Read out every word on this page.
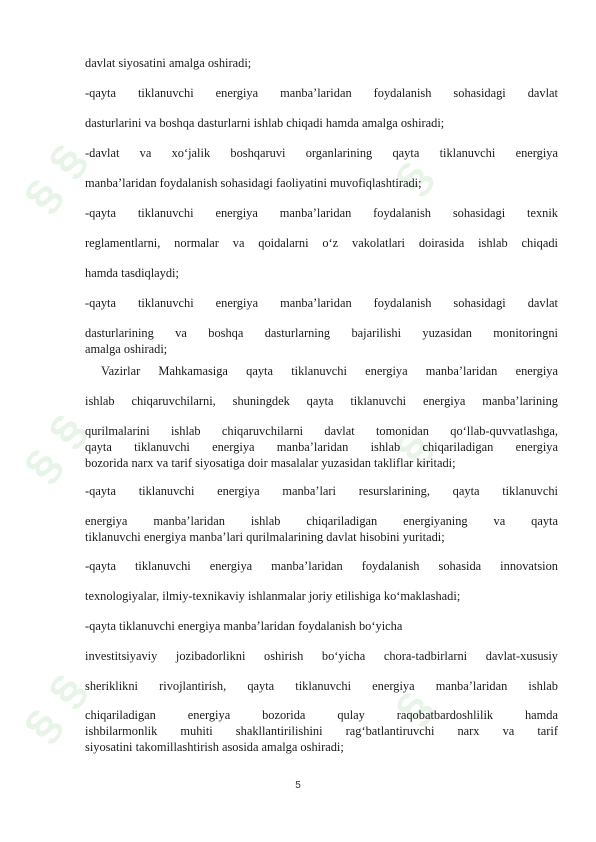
§ §	§
§ §	§
§ §	§
davlat siyosatini amalga oshiradi;
-qayta tiklanuvchi energiya manba’laridan foydalanish sohasidagi davlat
dasturlarini va boshqa dasturlarni ishlab chiqadi hamda amalga oshiradi;
-davlat va xo‘jalik boshqaruvi organlarining qayta tiklanuvchi energiya
manba’laridan foydalanish sohasidagi faoliyatini muvofiqlashtiradi;
-qayta tiklanuvchi energiya manba’laridan foydalanish sohasidagi texnik
reglamentlarni, normalar va qoidalarni o‘z vakolatlari doirasida ishlab chiqadi
hamda tasdiqlaydi;
-qayta tiklanuvchi energiya manba’laridan foydalanish sohasidagi davlat
dasturlarining va boshqa dasturlarning bajarilishi yuzasidan monitoringni
amalga oshiradi;
Vazirlar Mahkamasiga qayta tiklanuvchi energiya manba’laridan energiya
ishlab chiqaruvchilarni, shuningdek qayta tiklanuvchi energiya manba’larining
qurilmalarini ishlab chiqaruvchilarni davlat tomonidan qo‘llab-quvvatlashga,
qayta tiklanuvchi energiya manba’laridan ishlab chiqariladigan energiya
bozorida narx va tarif siyosatiga doir masalalar yuzasidan takliflar kiritadi;
-qayta tiklanuvchi energiya manba’lari resurslarining, qayta tiklanuvchi
energiya manba’laridan ishlab chiqariladigan energiyaning va qayta
tiklanuvchi energiya manba’lari qurilmalarining davlat hisobini yuritadi;
-qayta tiklanuvchi energiya manba’laridan foydalanish sohasida innovatsion
texnologiyalar, ilmiy-texnikaviy ishlanmalar joriy etilishiga ko‘maklashadi;
-qayta tiklanuvchi energiya manba’laridan foydalanish bo‘yicha
investitsiyaviy jozibadorlikni oshirish bo‘yicha chora-tadbirlarni davlat-xususiy
sheriklikni rivojlantirish, qayta tiklanuvchi energiya manba’laridan ishlab
chiqariladigan energiya bozorida qulay raqobatbardoshlilik hamda
ishbilarmonlik muhiti shakllantirilishini rag‘batlantiruvchi narx va tarif
siyosatini takomillashtirish asosida amalga oshiradi;
5
